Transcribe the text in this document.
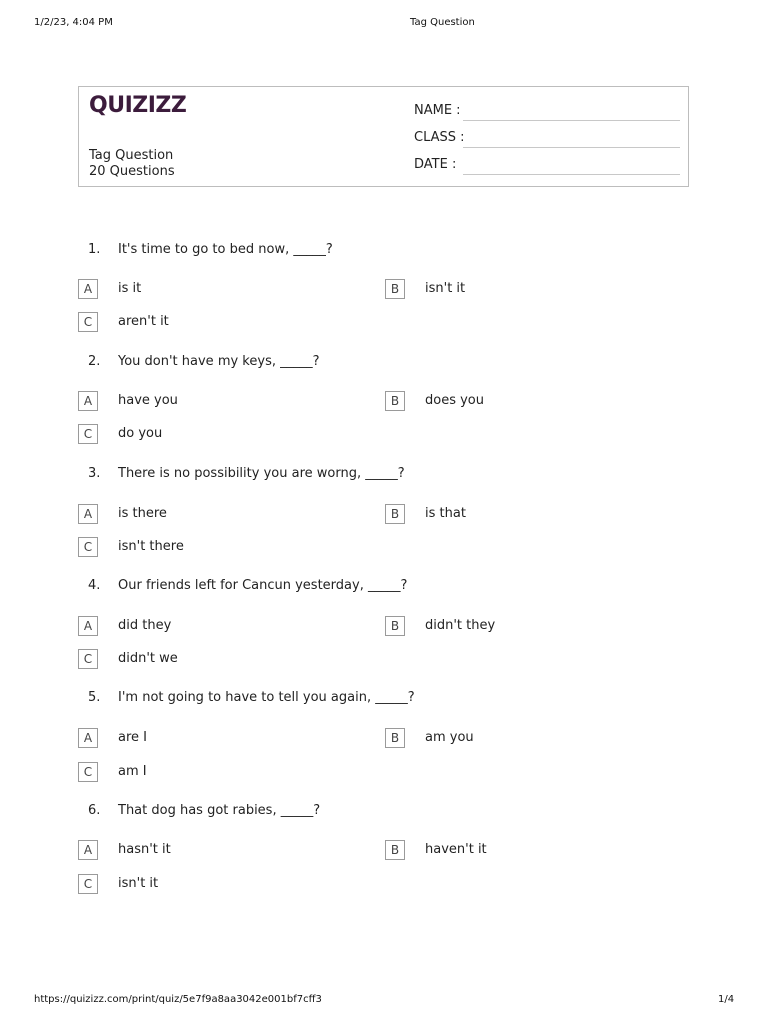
1/2/23, 4:04 PM	Tag Question
QUIZIZZ
Tag Question
20 Questions
NAME :
CLASS :
DATE :
1. It's time to go to bed now, _____?
A	is it	B	isn't it
C	aren't it
2. You don't have my keys, _____?
A	have you	B	does you
C	do you
3. There is no possibility you are worng, _____?
A	is there	B	is that
C	isn't there
4. Our friends left for Cancun yesterday, _____?
A	did they	B	didn't they
C	didn't we
5. I'm not going to have to tell you again, _____?
A	are I	B	am you
C	am I
6. That dog has got rabies, _____?
A	hasn't it	B	haven't it
C	isn't it
https://quizizz.com/print/quiz/5e7f9a8aa3042e001bf7cff3	1/4
